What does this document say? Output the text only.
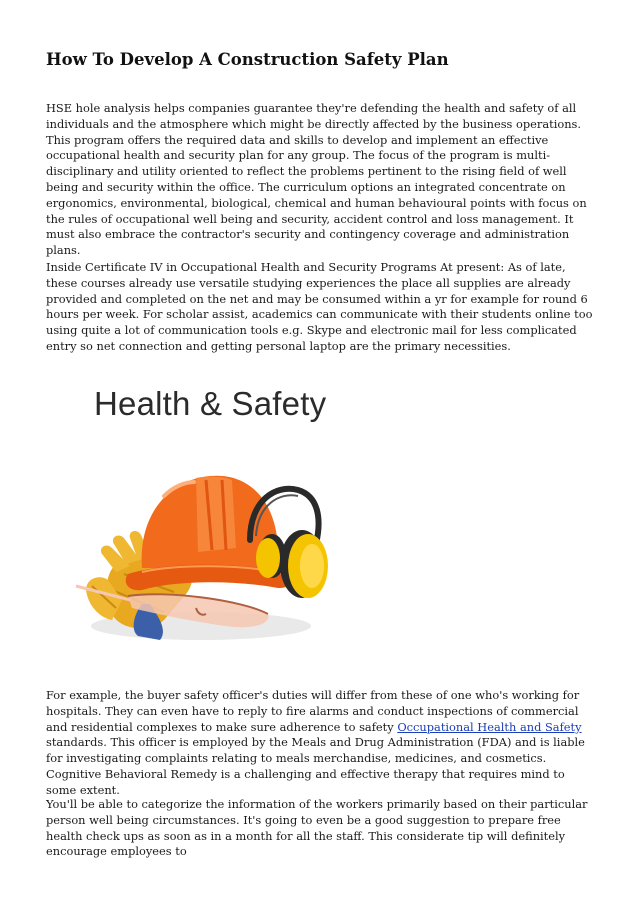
How To Develop A Construction Safety Plan

HSE hole analysis helps companies guarantee they're defending the health and safety of all individuals and the atmosphere which might be directly affected by the business operations. This program offers the required data and skills to develop and implement an effective occupational health and security plan for any group. The focus of the program is multi-disciplinary and utility oriented to reflect the problems pertinent to the rising field of well being and security within the office. The curriculum options an integrated concentrate on ergonomics, environmental, biological, chemical and human behavioural points with focus on the rules of occupational well being and security, accident control and loss management. It must also embrace the contractor's security and contingency coverage and administration plans.

Inside Certificate IV in Occupational Health and Security Programs At present: As of late, these courses already use versatile studying experiences the place all supplies are already provided and completed on the net and may be consumed within a yr for example for round 6 hours per week. For scholar assist, academics can communicate with their students online too using quite a lot of communication tools e.g. Skype and electronic mail for less complicated entry so net connection and getting personal laptop are the primary necessities.

For example, the buyer safety officer's duties will differ from these of one who's working for hospitals. They can even have to reply to fire alarms and conduct inspections of commercial and residential complexes to make sure adherence to safety Occupational Health and Safety standards. This officer is employed by the Meals and Drug Administration (FDA) and is liable for investigating complaints relating to meals merchandise, medicines, and cosmetics. Cognitive Behavioral Remedy is a challenging and effective therapy that requires mind to some extent.

You'll be able to categorize the information of the workers primarily based on their particular person well being circumstances. It's going to even be a good suggestion to prepare free health check ups as soon as in a month for all the staff. This considerate tip will definitely encourage employees to

Health & Safety
